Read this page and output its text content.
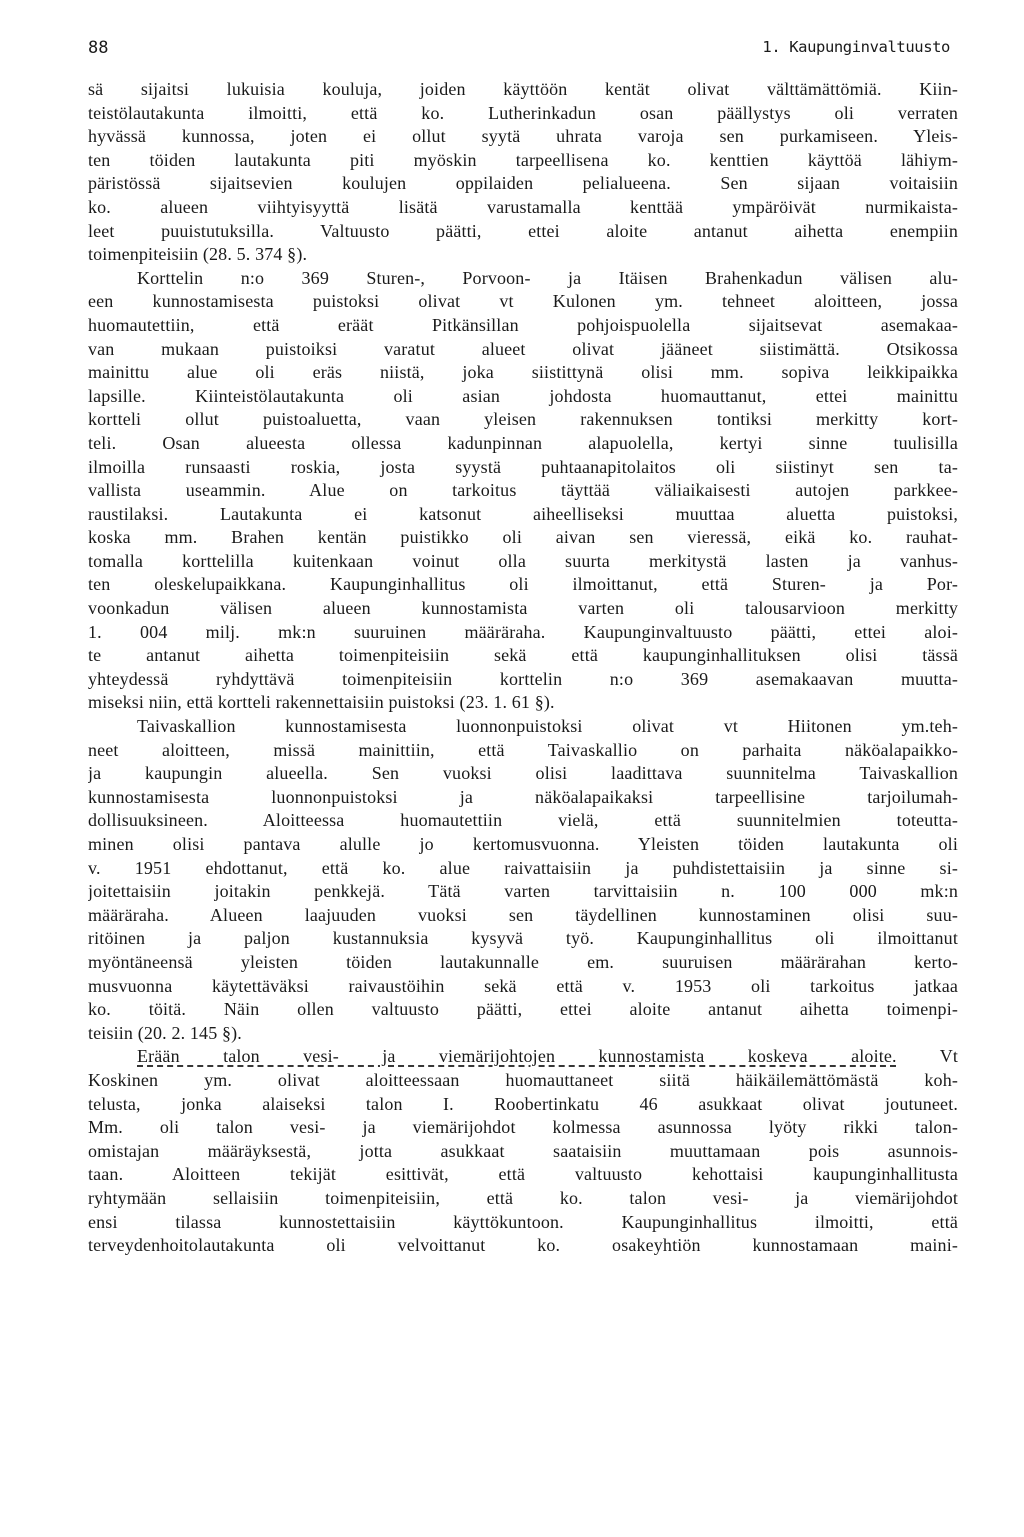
88	1. Kaupunginvaltuusto
sä sijaitsi lukuisia kouluja, joiden käyttöön kentät olivat välttämättömiä. Kiin-
teistölautakunta ilmoitti, että ko. Lutherinkadun osan päällystys oli verraten
hyvässä kunnossa, joten ei ollut syytä uhrata varoja sen purkamiseen. Yleis-
ten töiden lautakunta piti myöskin tarpeellisena ko. kenttien käyttöä lähiym-
päristössä sijaitsevien koulujen oppilaiden pelialueena. Sen sijaan voitaisiin
ko. alueen viihtyisyyttä lisätä varustamalla kenttää ympäröivät nurmikaista-
leet puuistutuksilla. Valtuusto päätti, ettei aloite antanut aihetta enempiin
toimenpiteisiin (28. 5. 374 §).
Korttelin n:o 369 Sturen-, Porvoon- ja Itäisen Brahenkadun välisen alu-
een kunnostamisesta puistoksi olivat vt Kulonen ym. tehneet aloitteen, jossa
huomautettiin, että eräät Pitkänsillan pohjoispuolella sijaitsevat asemakaa-
van mukaan puistoiksi varatut alueet olivat jääneet siistimättä. Otsikossa
mainittu alue oli eräs niistä, joka siistittynä olisi mm. sopiva leikkipaikka
lapsille. Kiinteistölautakunta oli asian johdosta huomauttanut, ettei mainittu
kortteli ollut puistoaluetta, vaan yleisen rakennuksen tontiksi merkitty kort-
teli. Osan alueesta ollessa kadunpinnan alapuolella, kertyi sinne tuulisilla
ilmoilla runsaasti roskia, josta syystä puhtaanapitolaitos oli siistinyt sen ta-
vallista useammin. Alue on tarkoitus täyttää väliaikaisesti autojen parkkee-
raustilaksi. Lautakunta ei katsonut aiheelliseksi muuttaa aluetta puistoksi,
koska mm. Brahen kentän puistikko oli aivan sen vieressä, eikä ko. rauhat-
tomalla korttelilla kuitenkaan voinut olla suurta merkitystä lasten ja vanhus-
ten oleskelupaikkana. Kaupunginhallitus oli ilmoittanut, että Sturen- ja Por-
voonkadun välisen alueen kunnostamista varten oli talousarvioon merkitty
1. 004 milj. mk:n suuruinen määräraha. Kaupunginvaltuusto päätti, ettei aloi-
te antanut aihetta toimenpiteisiin sekä että kaupunginhallituksen olisi tässä
yhteydessä ryhdyttävä toimenpiteisiin korttelin n:o 369 asemakaavan muutta-
miseksi niin, että kortteli rakennettaisiin puistoksi (23. 1. 61 §).
Taivaskallion kunnostamisesta luonnonpuistoksi olivat vt Hiitonen ym.teh-
neet aloitteen, missä mainittiin, että Taivaskallio on parhaita näköalapaikko-
ja kaupungin alueella. Sen vuoksi olisi laadittava suunnitelma Taivaskallion
kunnostamisesta luonnonpuistoksi ja näköalapaikaksi tarpeellisine tarjoilumah-
dollisuuksineen. Aloitteessa huomautettiin vielä, että suunnitelmien toteutta-
minen olisi pantava alulle jo kertomusvuonna. Yleisten töiden lautakunta oli
v. 1951 ehdottanut, että ko. alue raivattaisiin ja puhdistettaisiin ja sinne si-
joitettaisiin joitakin penkkejä. Tätä varten tarvittaisiin n. 100 000 mk:n
määräraha. Alueen laajuuden vuoksi sen täydellinen kunnostaminen olisi suu-
ritöinen ja paljon kustannuksia kysyvä työ. Kaupunginhallitus oli ilmoittanut
myöntäneensä yleisten töiden lautakunnalle em. suuruisen määrärahan kerto-
musvuonna käytettäväksi raivaustöihin sekä että v. 1953 oli tarkoitus jatkaa
ko. töitä. Näin ollen valtuusto päätti, ettei aloite antanut aihetta toimenpi-
teisiin (20. 2. 145 §).
Erään talon vesi- ja viemärijohtojen kunnostamista koskeva aloite. Vt
Koskinen ym. olivat aloitteessaan huomauttaneet siitä häikäilemättömästä koh-
telusta, jonka alaiseksi talon I. Roobertinkatu 46 asukkaat olivat joutuneet.
Mm. oli talon vesi- ja viemärijohdot kolmessa asunnossa lyöty rikki talon-
omistajan määräyksestä, jotta asukkaat saataisiin muuttamaan pois asunnois-
taan. Aloitteen tekijät esittivät, että valtuusto kehottaisi kaupunginhallitusta
ryhtymään sellaisiin toimenpiteisiin, että ko. talon vesi- ja viemärijohdot
ensi tilassa kunnostettaisiin käyttökuntoon. Kaupunginhallitus ilmoitti, että
terveydenhoitolautakunta oli velvoittanut ko. osakeyhtiön kunnostamaan maini-
